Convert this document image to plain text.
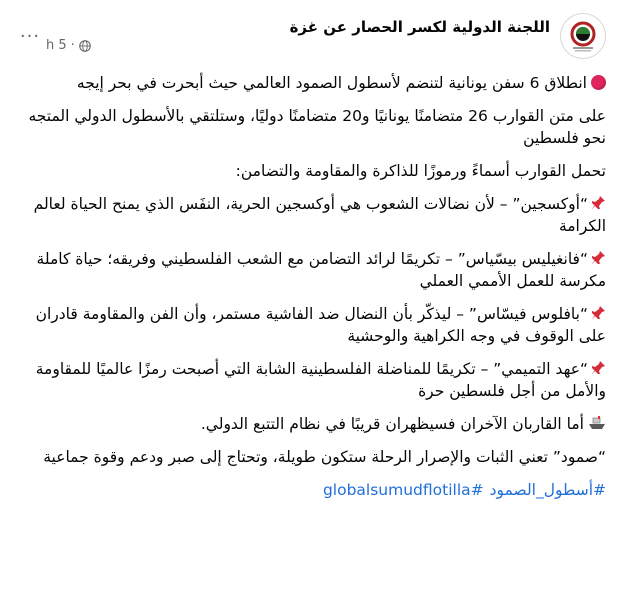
اللجنة الدولية لكسر الحصار عن غزة
5 h ·
···

انطلاق 6 سفن يونانية لتنضم لأسطول الصمود العالمي حيث أبحرت في بحر إيجه

على متن القوارب 26 متضامنًا يونانيًا و20 متضامنًا دوليًا، وستلتقي بالأسطول الدولي المتجه نحو فلسطين

تحمل القوارب أسماءً ورموزًا للذاكرة والمقاومة والتضامن:

“أوكسجين” – لأن نضالات الشعوب هي أوكسجين الحرية، النفَس الذي يمنح الحياة لعالم الكرامة

“فانغيليس بيسّياس” – تكريمًا لرائد التضامن مع الشعب الفلسطيني وفريقه؛ حياة كاملة مكرسة للعمل الأممي العملي

“بافلوس فيسّاس” – ليذكّر بأن النضال ضد الفاشية مستمر، وأن الفن والمقاومة قادران على الوقوف في وجه الكراهية والوحشية

“عهد التميمي” – تكريمًا للمناضلة الفلسطينية الشابة التي أصبحت رمزًا عالميًا للمقاومة والأمل من أجل فلسطين حرة

أما القاربان الآخران فسيظهران قريبًا في نظام التتبع الدولي.

“صمود” تعني الثبات والإصرار الرحلة ستكون طويلة، وتحتاج إلى صبر ودعم وقوة جماعية

#أسطول_الصمود#globalsumudflotilla
